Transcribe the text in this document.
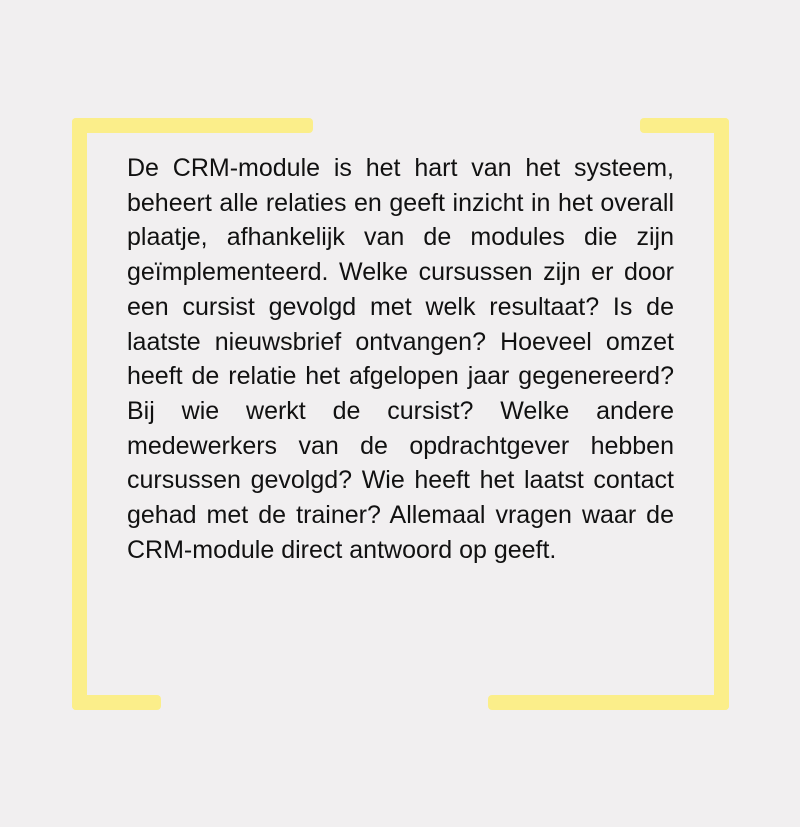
De CRM-module is het hart van het systeem, beheert alle relaties en geeft inzicht in het overall plaatje, afhankelijk van de modules die zijn geïmplementeerd. Welke cursussen zijn er door een cursist gevolgd met welk resultaat? Is de laatste nieuwsbrief ontvangen? Hoeveel omzet heeft de relatie het afgelopen jaar gegenereerd? Bij wie werkt de cursist? Welke andere medewerkers van de opdrachtgever hebben cursussen gevolgd? Wie heeft het laatst contact gehad met de trainer? Allemaal vragen waar de CRM-module direct antwoord op geeft.
